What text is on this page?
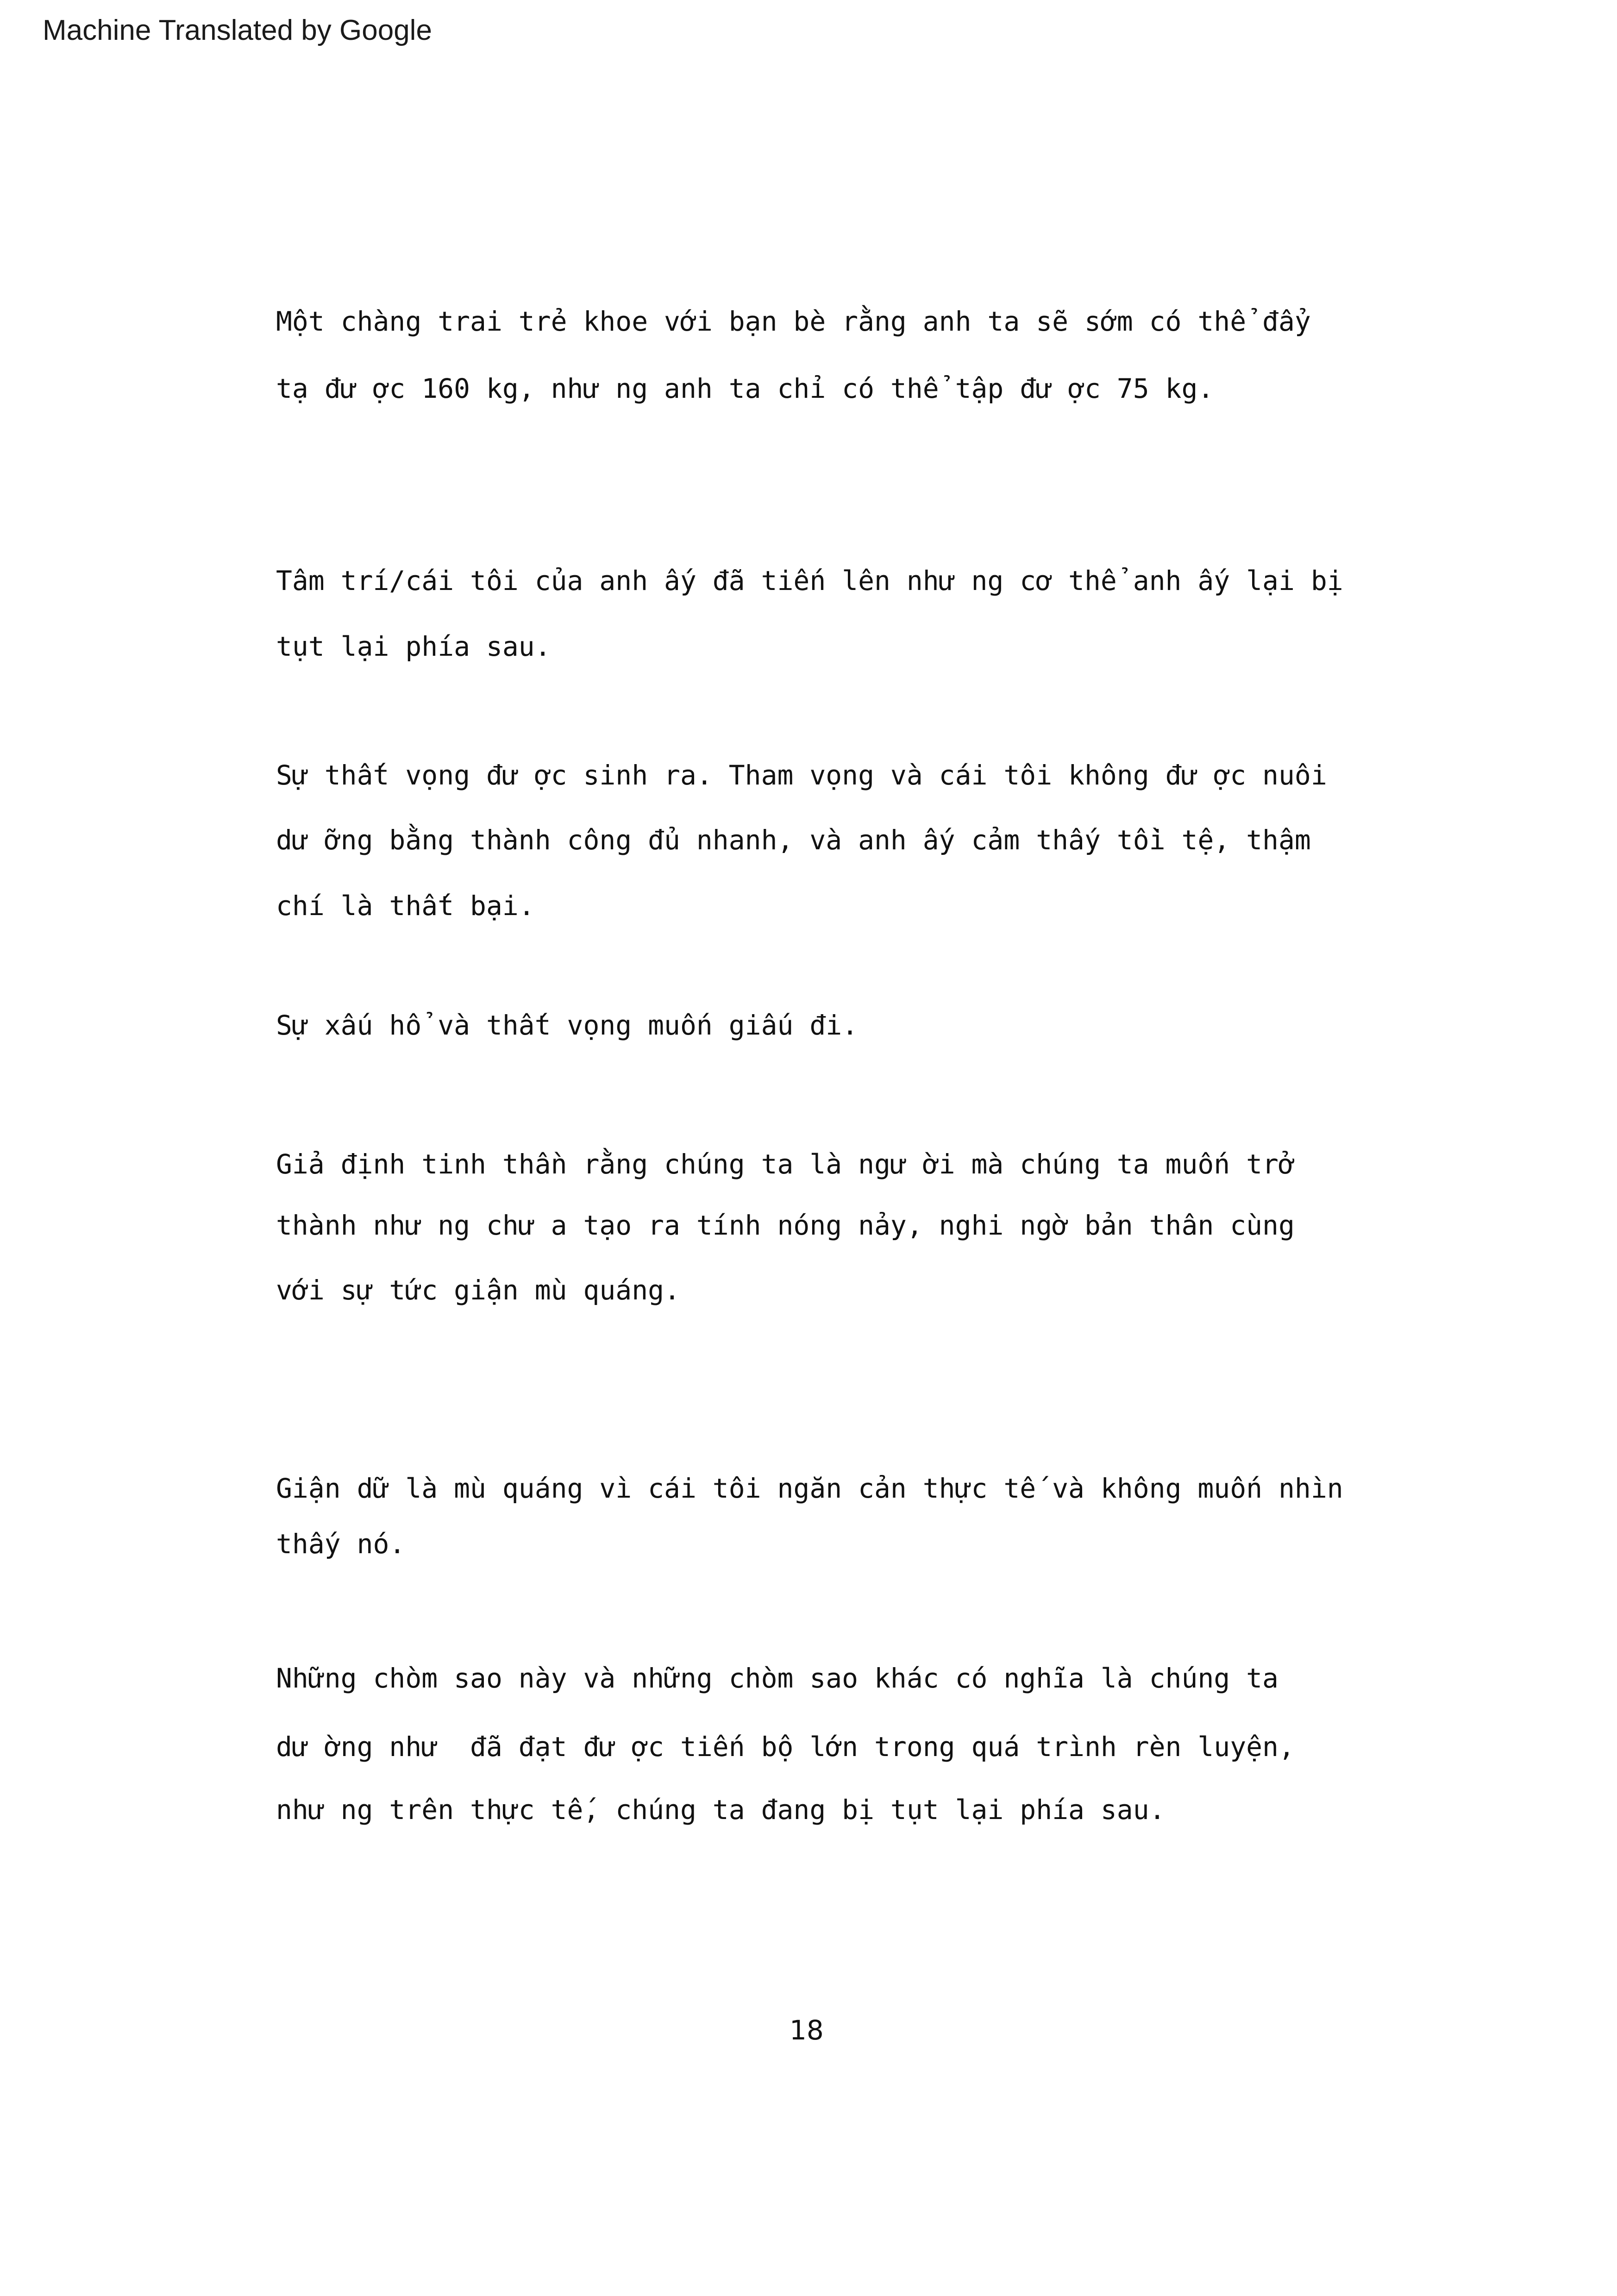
Machine Translated by Google
Một chàng trai trẻ khoe với bạn bè rằng anh ta sẽ sớm có thể đẩy
tạ đư ợc 160 kg, như ng anh ta chỉ có thể tập đư ợc 75 kg.
Tâm trí/cái tôi của anh ấy đã tiến lên như ng cơ thể anh ấy lại bị
tụt lại phía sau.
Sự thất vọng đư ợc sinh ra. Tham vọng và cái tôi không đư ợc nuôi
dư ỡng bằng thành công đủ nhanh, và anh ấy cảm thấy tồi tệ, thậm
chí là thất bại.
Sự xấu hổ và thất vọng muốn giấu đi.
Giả định tinh thần rằng chúng ta là ngư ời mà chúng ta muốn trở
thành như ng chư a tạo ra tính nóng nảy, nghi ngờ bản thân cùng
với sự tức giận mù quáng.
Giận dữ là mù quáng vì cái tôi ngăn cản thực tế và không muốn nhìn
thấy nó.
Những chòm sao này và những chòm sao khác có nghĩa là chúng ta
dư ờng như  đã đạt đư ợc tiến bộ lớn trong quá trình rèn luyện,
như ng trên thực tế, chúng ta đang bị tụt lại phía sau.
18
